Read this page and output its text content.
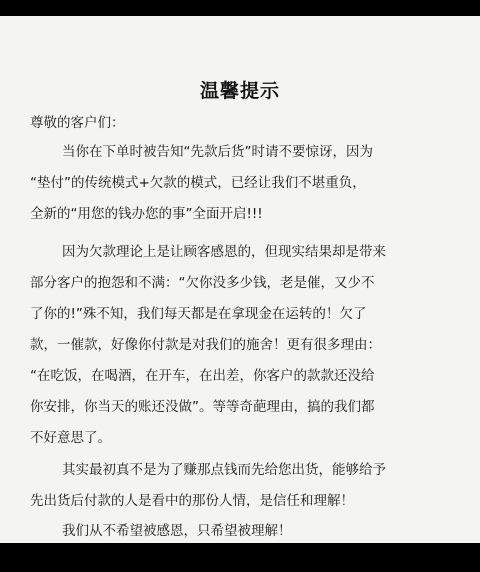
温馨提示
尊敬的客户们：
当你在下单时被告知“先款后货”时请不要惊讶，因为
“垫付”的传统模式+欠款的模式，已经让我们不堪重负，
全新的“用您的钱办您的事”全面开启!!!
因为欠款理论上是让顾客感恩的，但现实结果却是带来
部分客户的抱怨和不满：“欠你没多少钱，老是催，又少不
了你的!”殊不知，我们每天都是在拿现金在运转的！欠了
款，一催款，好像你付款是对我们的施舍！更有很多理由：
“在吃饭，在喝酒，在开车，在出差，你客户的款款还没给
你安排，你当天的账还没做”。等等奇葩理由，搞的我们都
不好意思了。
其实最初真不是为了赚那点钱而先给您出货，能够给予
先出货后付款的人是看中的那份人情，是信任和理解！
我们从不希望被感恩，只希望被理解！
